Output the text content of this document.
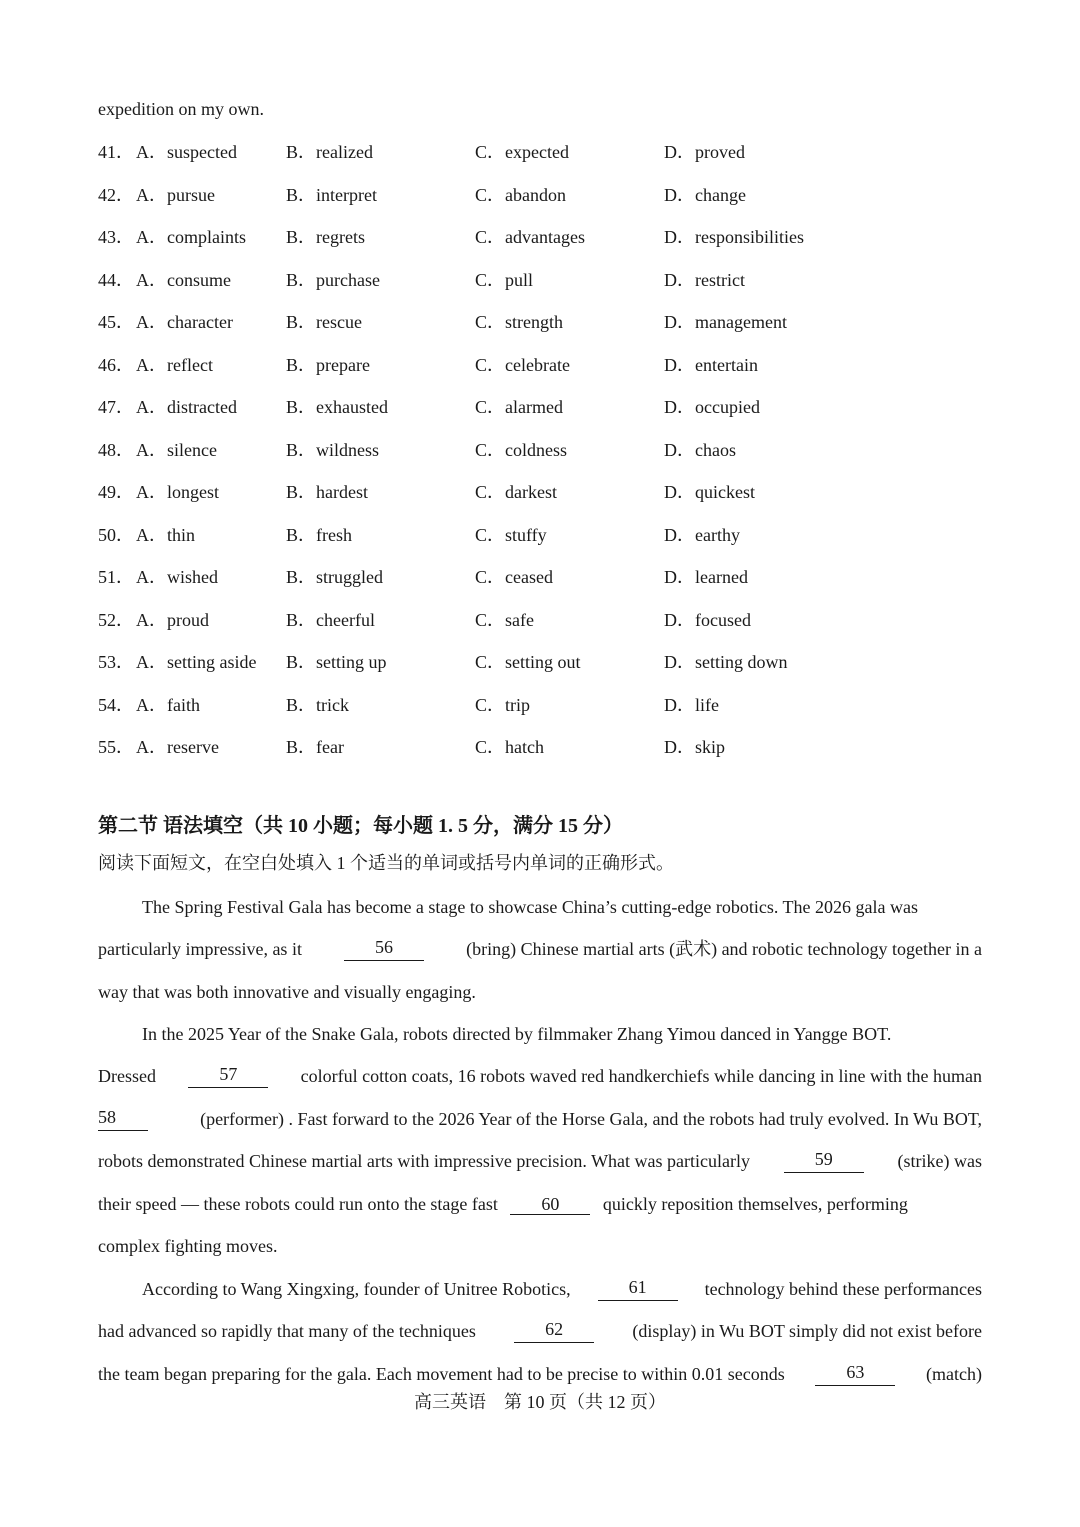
expedition on my own.
41． A．suspected	B．realized	C．expected	D．proved
42． A．pursue	B．interpret	C．abandon	D．change
43． A．complaints B．regrets	C．advantages	D．responsibilities
44． A．consume	B．purchase	C．pull	D．restrict
45． A．character	B．rescue	C．strength	D．management
46． A．reflect	B．prepare	C．celebrate	D．entertain
47． A．distracted	B．exhausted	C．alarmed	D．occupied
48． A．silence	B．wildness	C．coldness	D．chaos
49． A．longest	B．hardest	C．darkest	D．quickest
50． A．thin	B．fresh	C．stuffy	D．earthy
51． A．wished	B．struggled	C．ceased	D．learned
52． A．proud	B．cheerful	C．safe	D．focused
53． A．setting aside B．setting up	C．setting out	D．setting down
54． A．faith	B．trick	C．trip	D．life
55． A．reserve	B．fear	C．hatch	D．skip
第二节 语法填空（共 10 小题；每小题 1. 5 分，满分 15 分）
阅读下面短文，在空白处填入 1 个适当的单词或括号内单词的正确形式。
The Spring Festival Gala has become a stage to showcase China’s cutting-edge robotics. The 2026 gala was
particularly impressive, as it	56	(bring) Chinese martial arts (武术) and robotic technology together in a
way that was both innovative and visually engaging.
In the 2025 Year of the Snake Gala, robots directed by filmmaker Zhang Yimou danced in Yangge BOT.
Dressed	57	colorful cotton coats, 16 robots waved red handkerchiefs while dancing in line with the human
58	(performer) . Fast forward to the 2026 Year of the Horse Gala, and the robots had truly evolved. In Wu BOT,
robots demonstrated Chinese martial arts with impressive precision. What was particularly	59	(strike) was
their speed — these robots could run onto the stage fast 60 quickly reposition themselves, performing
complex fighting moves.
According to Wang Xingxing, founder of Unitree Robotics,	61	technology behind these performances
had advanced so rapidly that many of the techniques	62	(display) in Wu BOT simply did not exist before
the team began preparing for the gala. Each movement had to be precise to within 0.01 seconds	63	(match)
高三英语　第 10 页（共 12 页）
